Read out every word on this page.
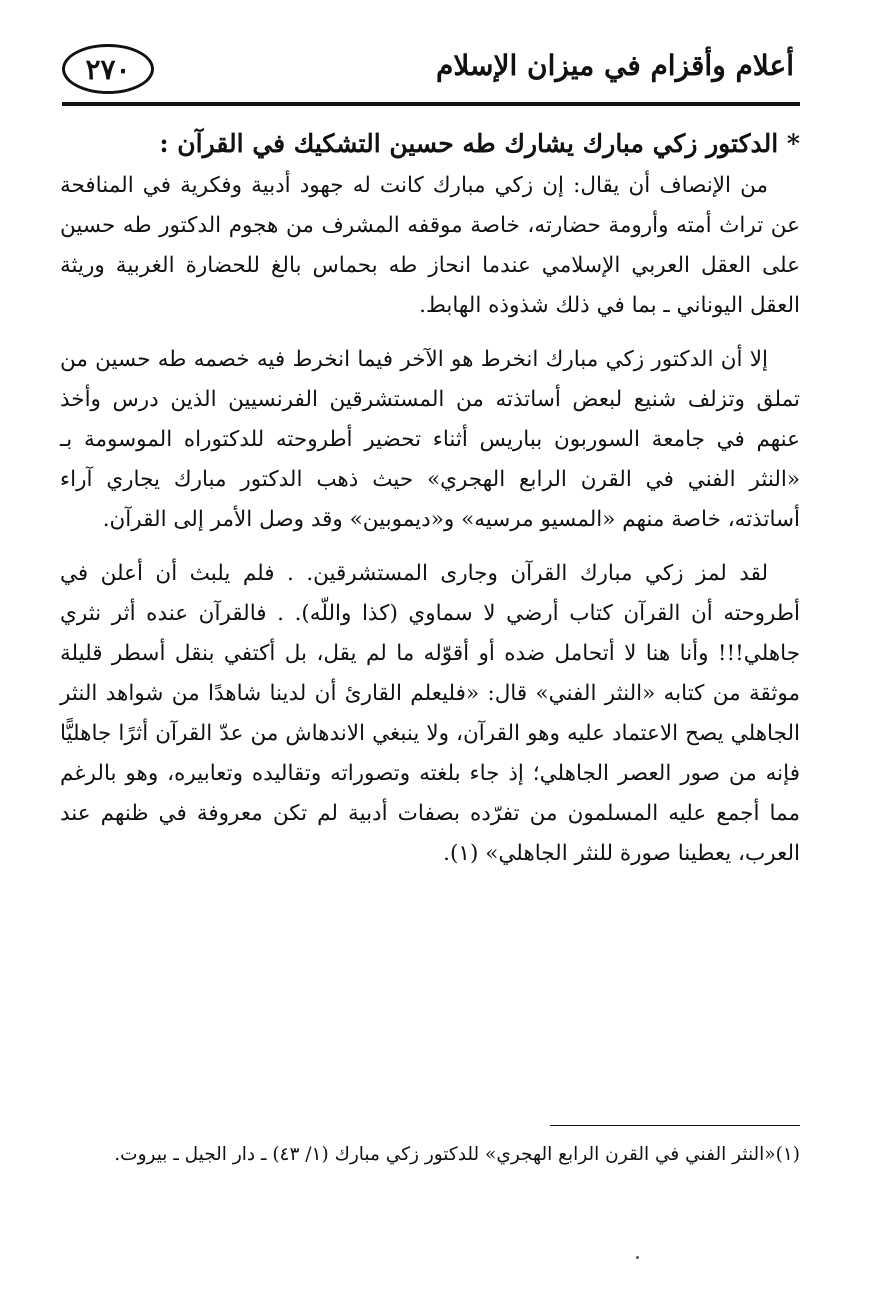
أعلام وأقزام في ميزان الإسلام
٢٧٠
* الدكتور زكي مبارك يشارك طه حسين التشكيك في القرآن :

من الإنصاف أن يقال: إن زكي مبارك كانت له جهود أدبية وفكرية في المنافحة عن تراث أمته وأرومة حضارته، خاصة موقفه المشرف من هجوم الدكتور طه حسين على العقل العربي الإسلامي عندما انحاز طه بحماس بالغ للحضارة الغربية وريثة العقل اليوناني ـ بما في ذلك شذوذه الهابط.

إلا أن الدكتور زكي مبارك انخرط هو الآخر فيما انخرط فيه خصمه طه حسين من تملق وتزلف شنيع لبعض أساتذته من المستشرقين الفرنسيين الذين درس وأخذ عنهم في جامعة السوربون بباريس أثناء تحضير أطروحته للدكتوراه الموسومة بـ «النثر الفني في القرن الرابع الهجري» حيث ذهب الدكتور مبارك يجاري آراء أساتذته، خاصة منهم «المسيو مرسيه» و«ديموبين» وقد وصل الأمر إلى القرآن.

لقد لمز زكي مبارك القرآن وجارى المستشرقين. . فلم يلبث أن أعلن في أطروحته أن القرآن كتاب أرضي لا سماوي (كذا واللّه). . فالقرآن عنده أثر نثري جاهلي!!! وأنا هنا لا أتحامل ضده أو أقوّله ما لم يقل، بل أكتفي بنقل أسطر قليلة موثقة من كتابه «النثر الفني» قال: «فليعلم القارئ أن لدينا شاهدًا من شواهد النثر الجاهلي يصح الاعتماد عليه وهو القرآن، ولا ينبغي الاندهاش من عدّ القرآن أثرًا جاهليًّا فإنه من صور العصر الجاهلي؛ إذ جاء بلغته وتصوراته وتقاليده وتعابيره، وهو بالرغم مما أجمع عليه المسلمون من تفرّده بصفات أدبية لم تكن معروفة في ظنهم عند العرب، يعطينا صورة للنثر الجاهلي» (١).

(١)«النثر الفني في القرن الرابع الهجري» للدكتور زكي مبارك (١/ ٤٣) ـ دار الجيل ـ بيروت.
